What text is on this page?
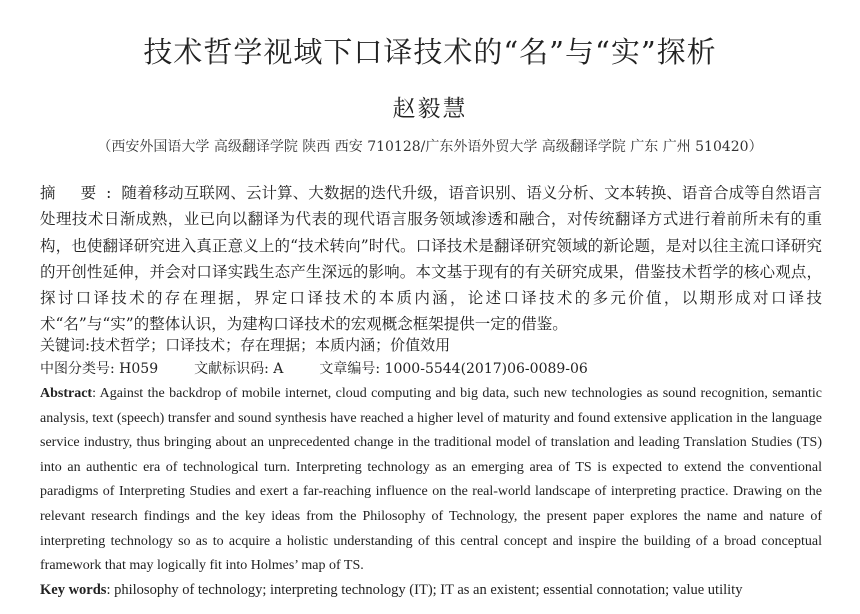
技术哲学视域下口译技术的“名”与“实”探析
赵毅慧
（西安外国语大学 高级翻译学院 陕西 西安 710128/广东外语外贸大学 高级翻译学院 广东 广州 510420）
摘 要:随着移动互联网、云计算、大数据的迭代升级，语音识别、语义分析、文本转换、语音合成等自然语言处理技术日渐成熟，业已向以翻译为代表的现代语言服务领域渗透和融合，对传统翻译方式进行着前所未有的重构，也使翻译研究进入真正意义上的“技术转向”时代。口译技术是翻译研究领域的新论题，是对以往主流口译研究的开创性延伸，并会对口译实践生态产生深远的影响。本文基于现有的有关研究成果，借鉴技术哲学的核心观点，探讨口译技术的存在理据，界定口译技术的本质内涵，论述口译技术的多元价值，以期形成对口译技术“名”与“实”的整体认识，为建构口译技术的宏观概念框架提供一定的借鉴。
关键词:技术哲学；口译技术；存在理据；本质内涵；价值效用
中图分类号: H059	文献标识码: A	文章编号: 1000-5544(2017)06-0089-06
Abstract: Against the backdrop of mobile internet, cloud computing and big data, such new technologies as sound recognition, semantic analysis, text (speech) transfer and sound synthesis have reached a higher level of maturity and found extensive application in the language service industry, thus bringing about an unprecedented change in the traditional model of translation and leading Translation Studies (TS) into an authentic era of technological turn. Interpreting technology as an emerging area of TS is expected to extend the conventional paradigms of Interpreting Studies and exert a far-reaching influence on the real-world landscape of interpreting practice. Drawing on the relevant research findings and the key ideas from the Philosophy of Technology, the present paper explores the name and nature of interpreting technology so as to acquire a holistic understanding of this central concept and inspire the building of a broad conceptual framework that may logically fit into Holmes’ map of TS.
Key words: philosophy of technology; interpreting technology (IT); IT as an existent; essential connotation; value utility
